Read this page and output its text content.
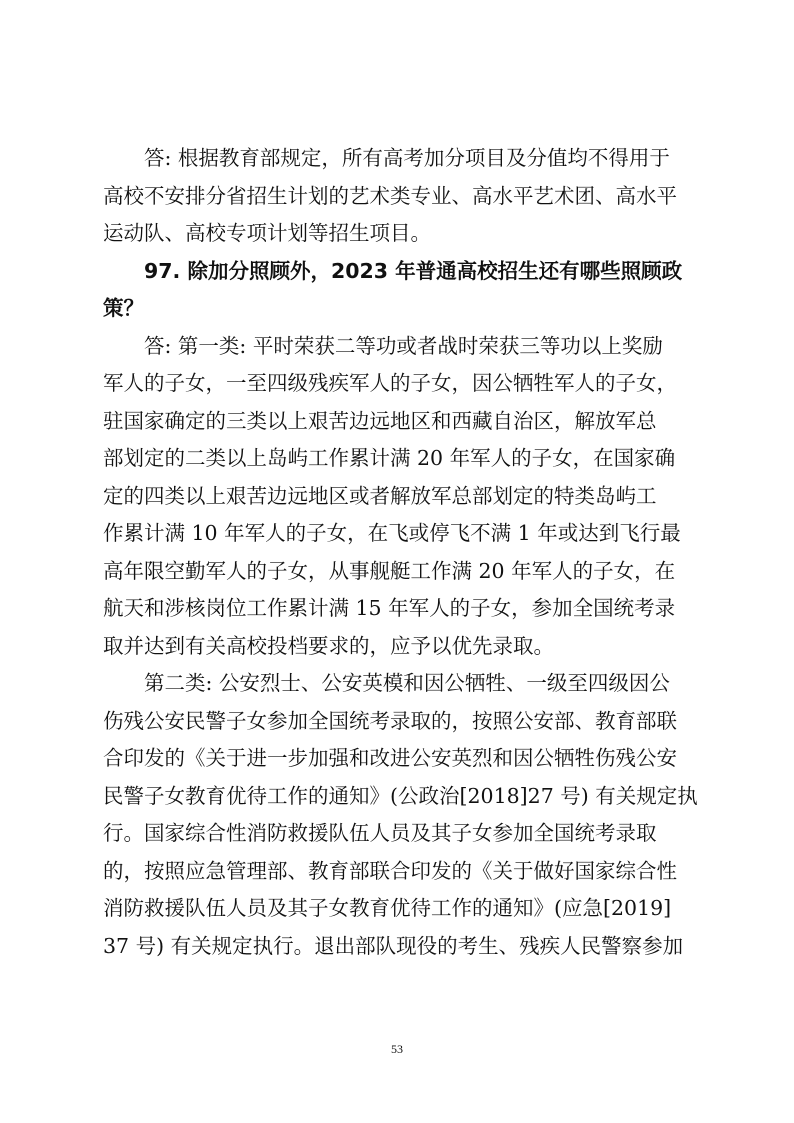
　　答: 根据教育部规定，所有高考加分项目及分值均不得用于
高校不安排分省招生计划的艺术类专业、高水平艺术团、高水平
运动队、高校专项计划等招生项目。
　　97. 除加分照顾外，2023 年普通高校招生还有哪些照顾政
策？
　　答: 第一类: 平时荣获二等功或者战时荣获三等功以上奖励
军人的子女，一至四级残疾军人的子女，因公牺牲军人的子女，
驻国家确定的三类以上艰苦边远地区和西藏自治区，解放军总
部划定的二类以上岛屿工作累计满 20 年军人的子女，在国家确
定的四类以上艰苦边远地区或者解放军总部划定的特类岛屿工
作累计满 10 年军人的子女，在飞或停飞不满 1 年或达到飞行最
高年限空勤军人的子女，从事舰艇工作满 20 年军人的子女，在
航天和涉核岗位工作累计满 15 年军人的子女，参加全国统考录
取并达到有关高校投档要求的，应予以优先录取。
　　第二类: 公安烈士、公安英模和因公牺牲、一级至四级因公
伤残公安民警子女参加全国统考录取的，按照公安部、教育部联
合印发的《关于进一步加强和改进公安英烈和因公牺牲伤残公安
民警子女教育优待工作的通知》(公政治[2018]27 号) 有关规定执
行。国家综合性消防救援队伍人员及其子女参加全国统考录取
的，按照应急管理部、教育部联合印发的《关于做好国家综合性
消防救援队伍人员及其子女教育优待工作的通知》(应急[2019]
37 号) 有关规定执行。退出部队现役的考生、残疾人民警察参加
53
